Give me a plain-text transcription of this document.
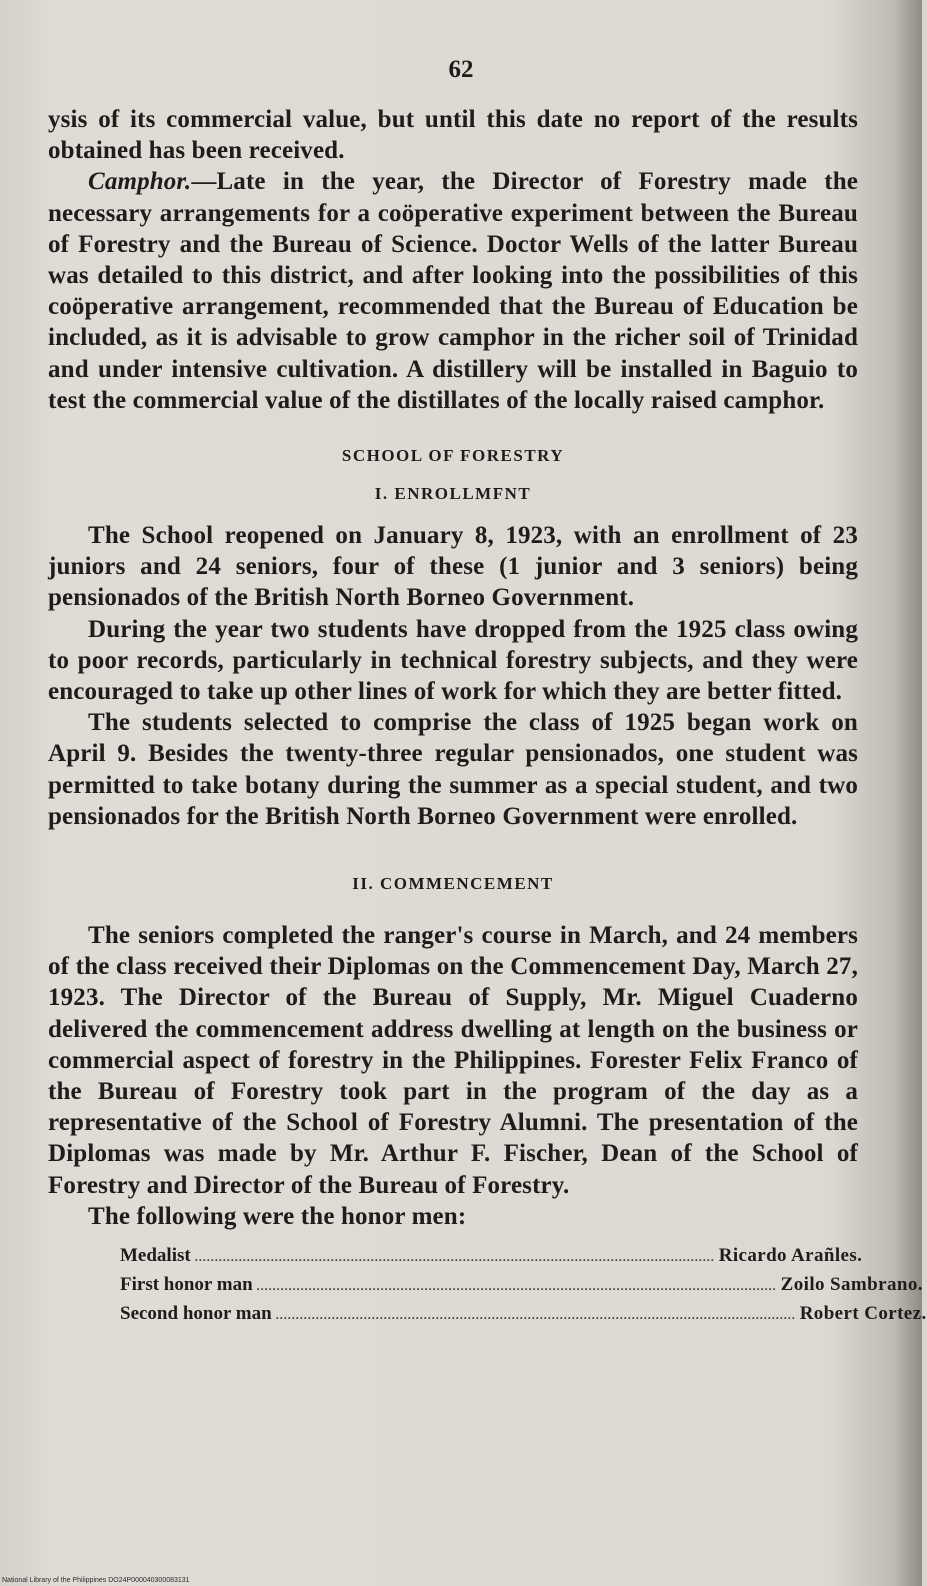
62

ysis of its commercial value, but until this date no report of the results obtained has been received.

Camphor.—Late in the year, the Director of Forestry made the necessary arrangements for a coöperative experiment between the Bureau of Forestry and the Bureau of Science. Doctor Wells of the latter Bureau was detailed to this district, and after looking into the possibilities of this coöperative arrangement, recommended that the Bureau of Education be included, as it is advisable to grow camphor in the richer soil of Trinidad and under intensive cultivation. A distillery will be installed in Baguio to test the commercial value of the distillates of the locally raised camphor.

SCHOOL OF FORESTRY
I. ENROLLMFNT

The School reopened on January 8, 1923, with an enrollment of 23 juniors and 24 seniors, four of these (1 junior and 3 seniors) being pensionados of the British North Borneo Government.

During the year two students have dropped from the 1925 class owing to poor records, particularly in technical forestry subjects, and they were encouraged to take up other lines of work for which they are better fitted.

The students selected to comprise the class of 1925 began work on April 9. Besides the twenty-three regular pensionados, one student was permitted to take botany during the summer as a special student, and two pensionados for the British North Borneo Government were enrolled.

II. COMMENCEMENT

The seniors completed the ranger's course in March, and 24 members of the class received their Diplomas on the Commencement Day, March 27, 1923. The Director of the Bureau of Supply, Mr. Miguel Cuaderno delivered the commencement address dwelling at length on the business or commercial aspect of forestry in the Philippines. Forester Felix Franco of the Bureau of Forestry took part in the program of the day as a representative of the School of Forestry Alumni. The presentation of the Diplomas was made by Mr. Arthur F. Fischer, Dean of the School of Forestry and Director of the Bureau of Forestry.

The following were the honor men:

Medalist .................................................................................................................................. Ricardo Arañles.
First honor man .................................................................................................................................. Zoilo Sambrano.
Second honor man .................................................................................................................................. Robert Cortez.
National Library of the Philippines DO24P000040300083131
